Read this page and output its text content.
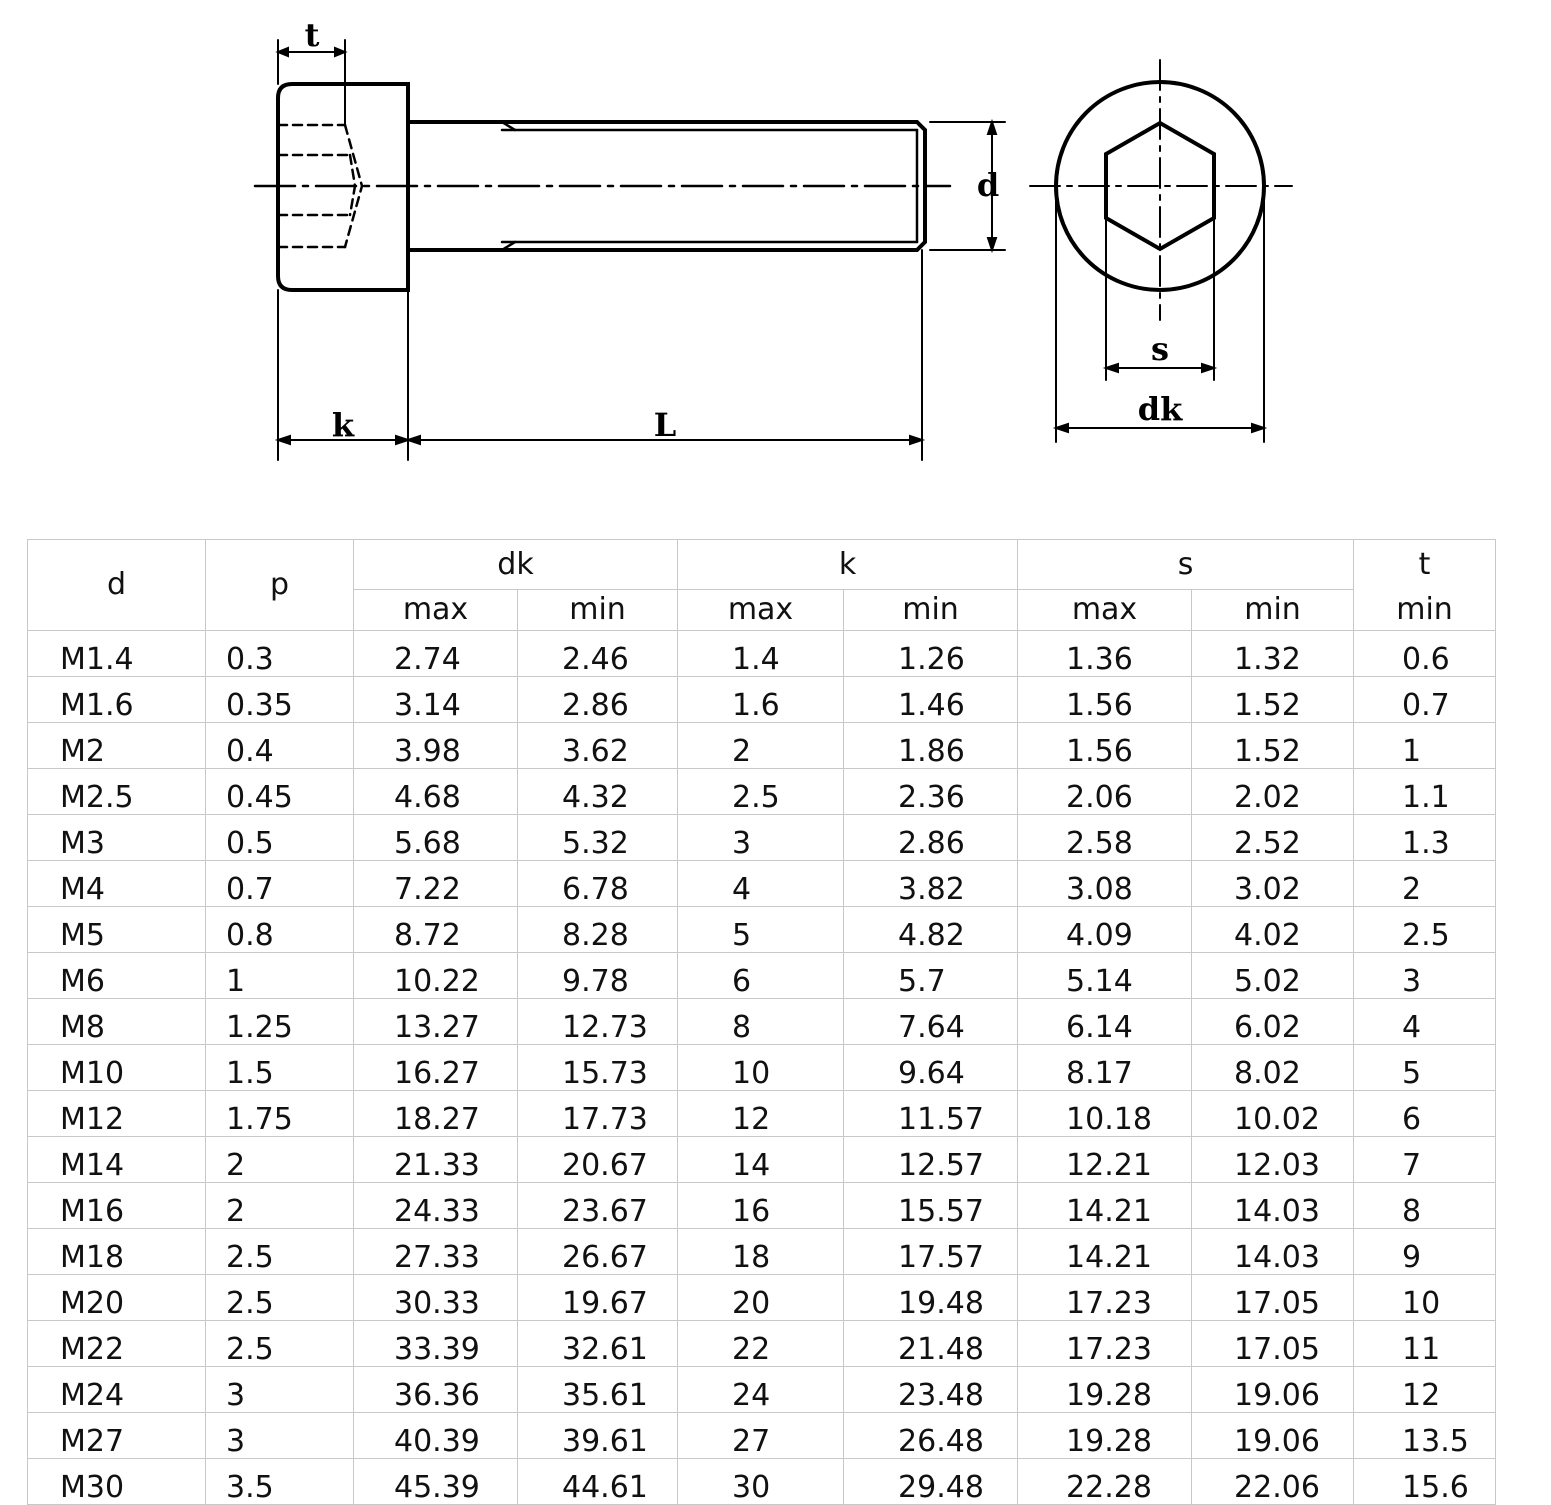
t
k	L
d
s
dk
d	p	dk		k		s		t
		max	min	max	min	max	min	min
M1.4	0.3	2.74	2.46	1.4	1.26	1.36	1.32	0.6
M1.6	0.35	3.14	2.86	1.6	1.46	1.56	1.52	0.7
M2	0.4	3.98	3.62	2	1.86	1.56	1.52	1
M2.5	0.45	4.68	4.32	2.5	2.36	2.06	2.02	1.1
M3	0.5	5.68	5.32	3	2.86	2.58	2.52	1.3
M4	0.7	7.22	6.78	4	3.82	3.08	3.02	2
M5	0.8	8.72	8.28	5	4.82	4.09	4.02	2.5
M6	1	10.22	9.78	6	5.7	5.14	5.02	3
M8	1.25	13.27	12.73	8	7.64	6.14	6.02	4
M10	1.5	16.27	15.73	10	9.64	8.17	8.02	5
M12	1.75	18.27	17.73	12	11.57	10.18	10.02	6
M14	2	21.33	20.67	14	12.57	12.21	12.03	7
M16	2	24.33	23.67	16	15.57	14.21	14.03	8
M18	2.5	27.33	26.67	18	17.57	14.21	14.03	9
M20	2.5	30.33	19.67	20	19.48	17.23	17.05	10
M22	2.5	33.39	32.61	22	21.48	17.23	17.05	11
M24	3	36.36	35.61	24	23.48	19.28	19.06	12
M27	3	40.39	39.61	27	26.48	19.28	19.06	13.5
M30	3.5	45.39	44.61	30	29.48	22.28	22.06	15.6
